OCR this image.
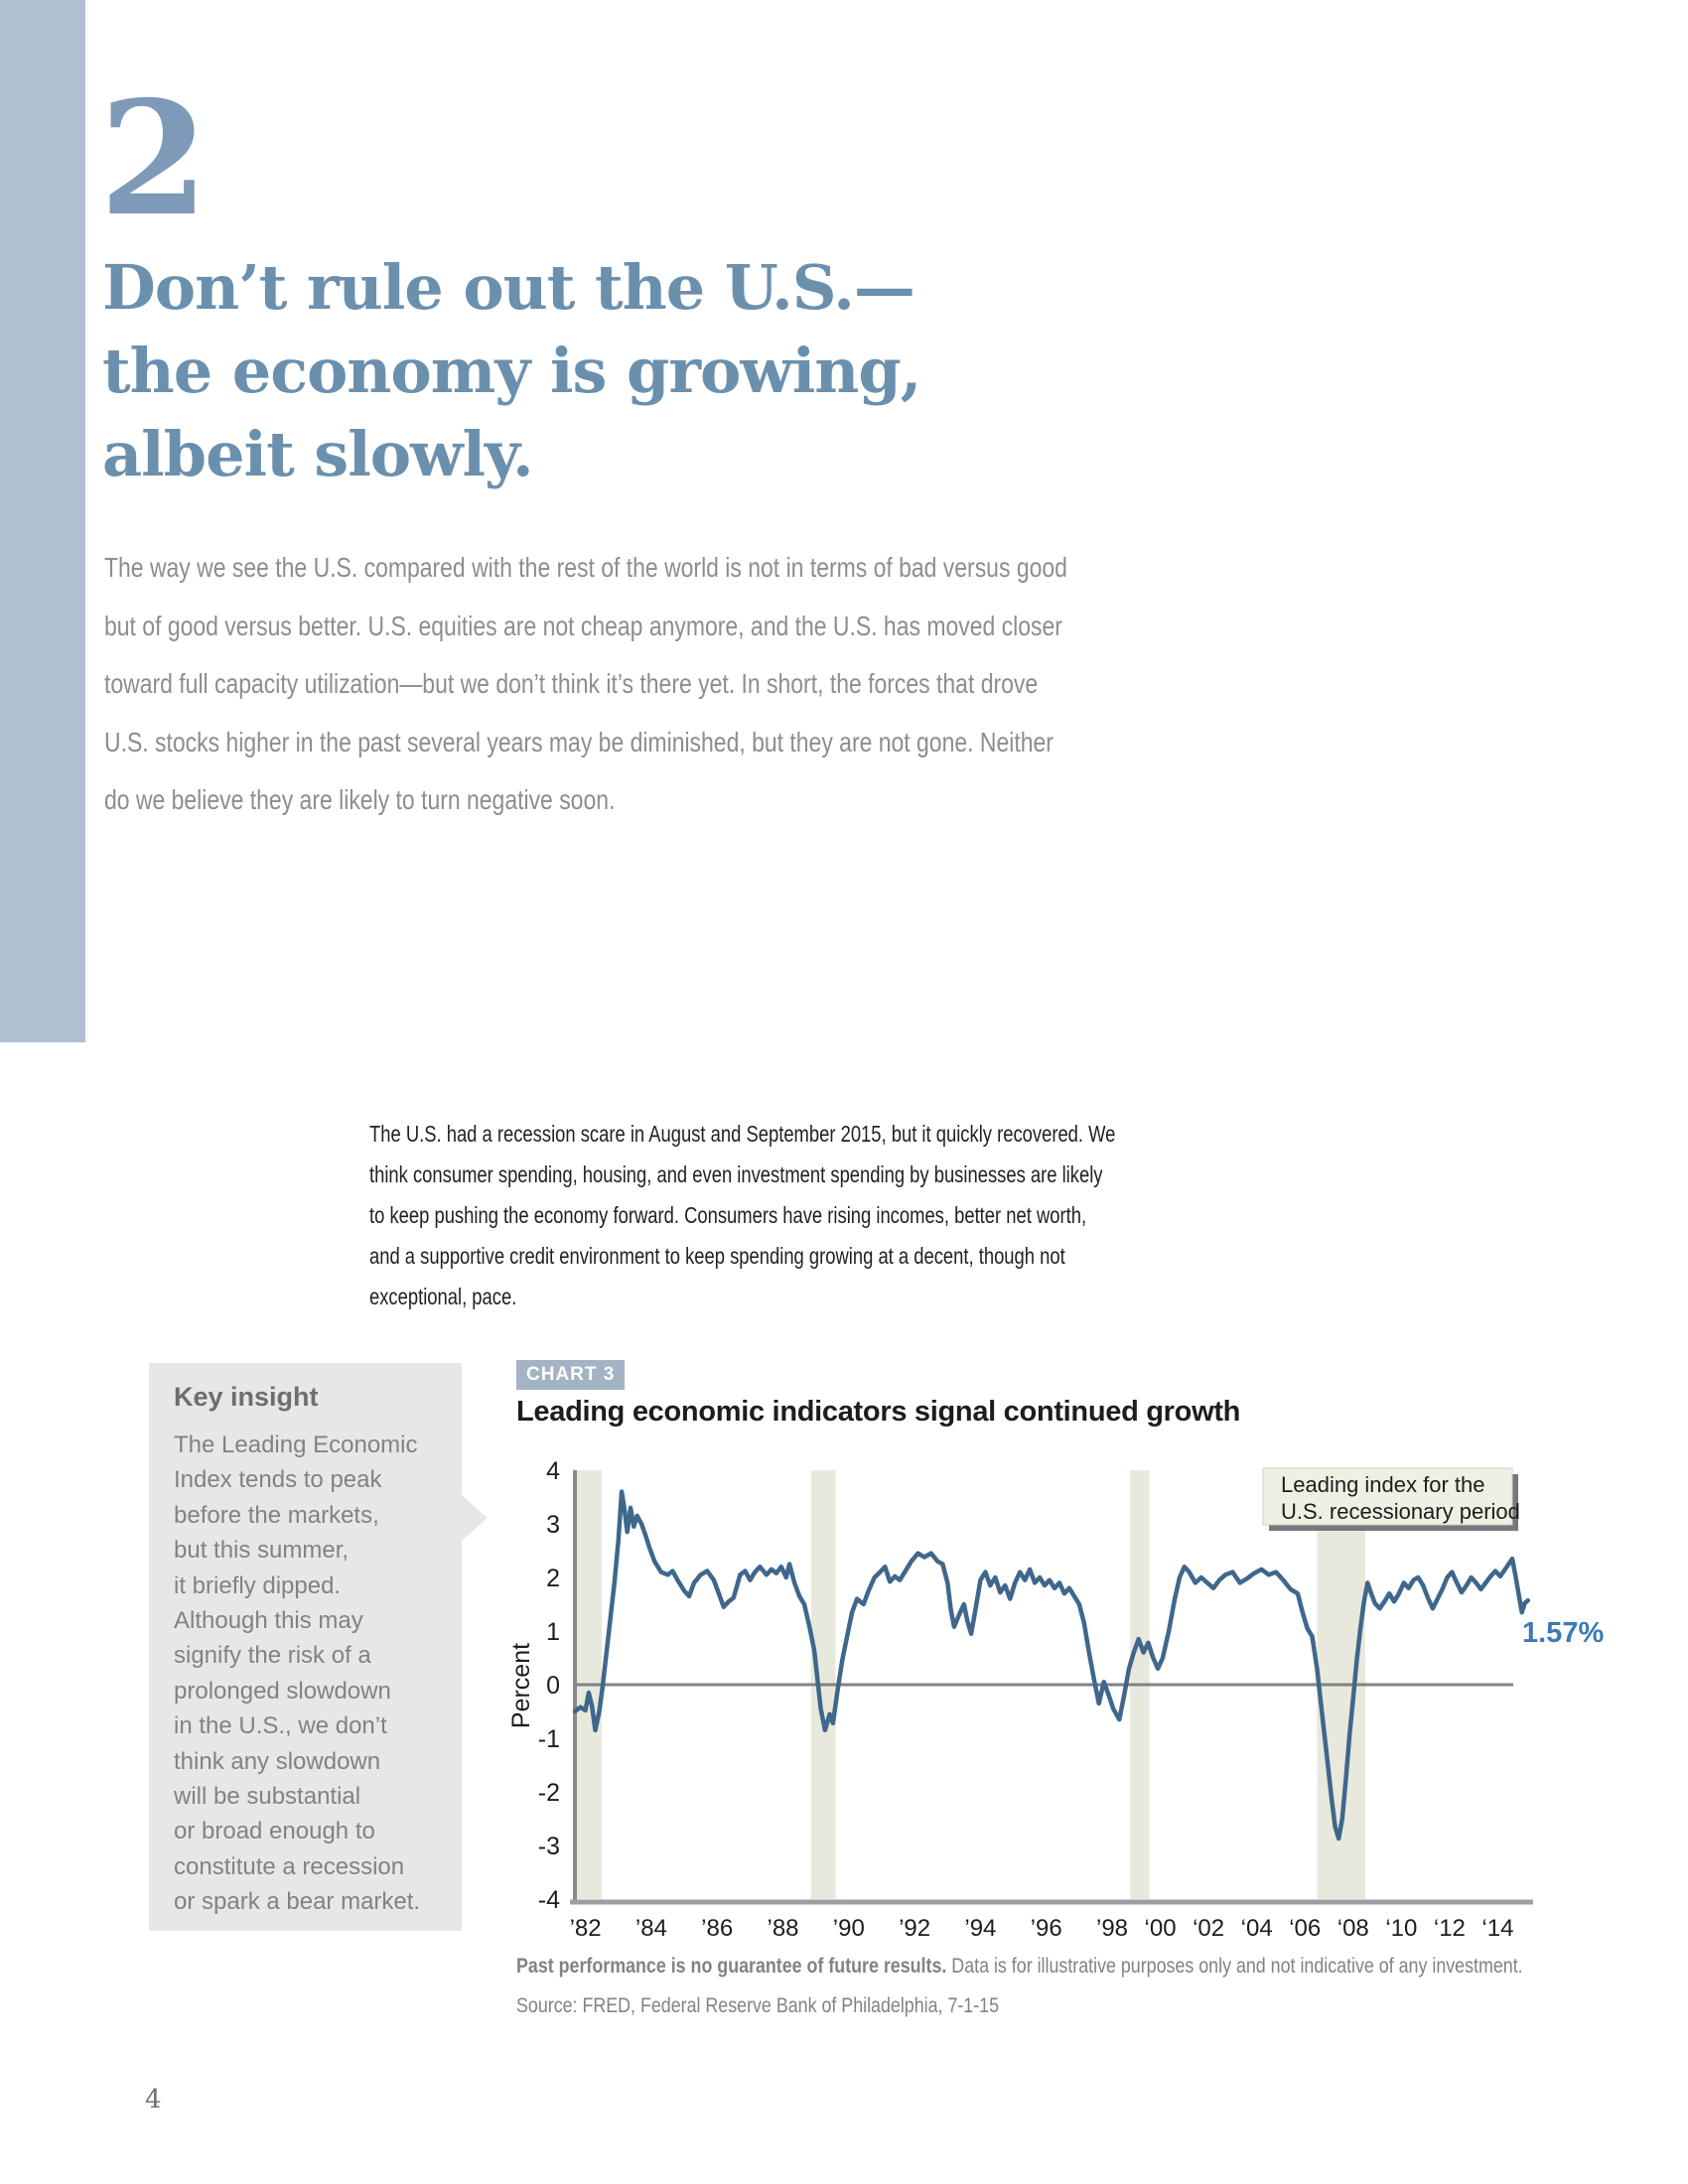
2
Don’t rule out the U.S.—
the economy is growing,
albeit slowly.
The way we see the U.S. compared with the rest of the world is not in terms of bad versus good
but of good versus better. U.S. equities are not cheap anymore, and the U.S. has moved closer
toward full capacity utilization—but we don’t think it’s there yet. In short, the forces that drove
U.S. stocks higher in the past several years may be diminished, but they are not gone. Neither
do we believe they are likely to turn negative soon.
The U.S. had a recession scare in August and September 2015, but it quickly recovered. We
think consumer spending, housing, and even investment spending by businesses are likely
to keep pushing the economy forward. Consumers have rising incomes, better net worth,
and a supportive credit environment to keep spending growing at a decent, though not
exceptional, pace.
Key insight
The Leading Economic
Index tends to peak
before the markets,
but this summer,
it briefly dipped.
Although this may
signify the risk of a
prolonged slowdown
in the U.S., we don’t
think any slowdown
will be substantial
or broad enough to
constitute a recession
or spark a bear market.
CHART 3
Leading economic indicators signal continued growth
4
3
2
1
0
-1
-2
-3
-4
’82 ’84 ’86 ’88 ’90 ’92 ’94 ’96 ’98 ‘00 ‘02 ‘04 ‘06 ‘08 ‘10 ‘12 ‘14
Percent
Leading index for the
U.S. recessionary period
1.57%
Past performance is no guarantee of future results. Data is for illustrative purposes only and not indicative of any investment.
Source: FRED, Federal Reserve Bank of Philadelphia, 7-1-15
4
